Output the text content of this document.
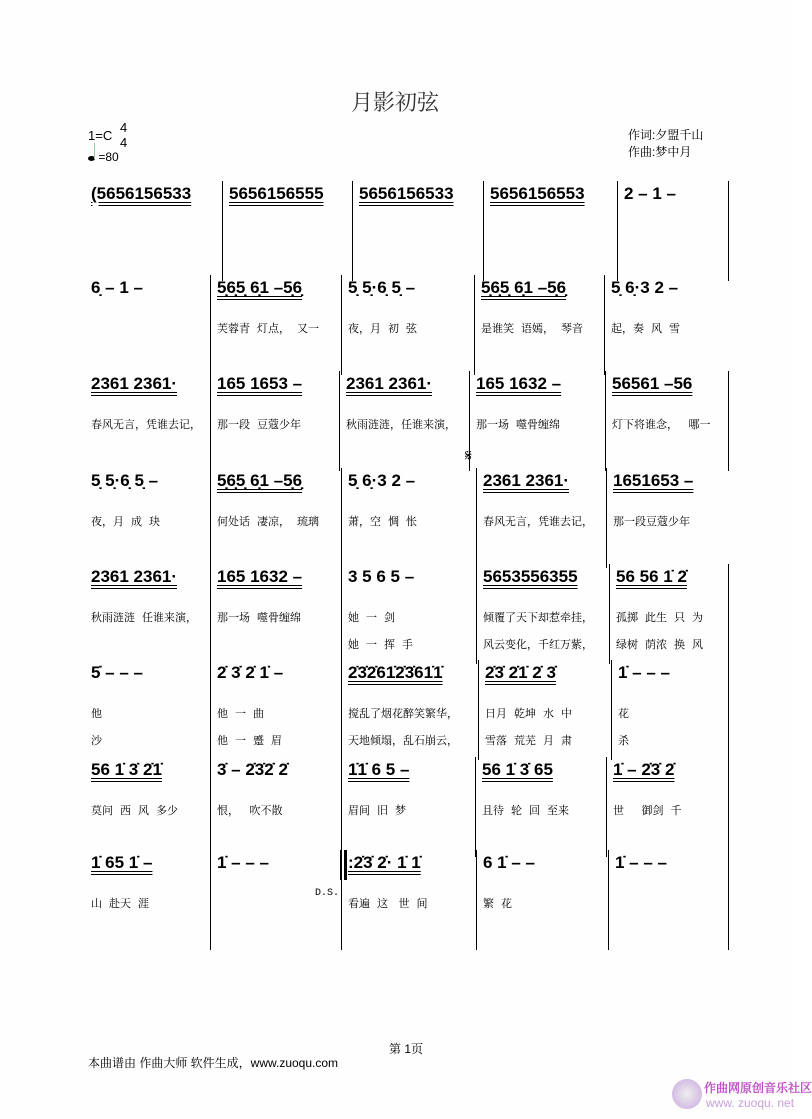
月影初弦
1=C
4
4
=80
作词:夕盟千山
作曲:梦中月
(5656156533 5656156555 5656156533 5656156553 2 – 1 –
6̣ – 1 –	5̣6̣5̣ 6̣1 –5̣6̣
芙蓉青  灯点，  又一
5̣ 5̣·6̣ 5̣ –
夜，月  初  弦
5̣6̣5̣ 6̣1 –5̣6̣
是谁笑  语嫣，  琴音
5̣ 6̣·3 2 –
起，奏  风  雪
2361 2361·
春风无言，凭谁去记，
165 1653 –
那一段  豆蔻少年
2361 2361·
秋雨涟涟，任谁来演，
165 1632 –
那一场  噬骨缠绵
56561 –56
灯下将谁念，   哪一
5̣ 5̣·6̣ 5̣ –
夜，月  成  玦
5̣6̣5̣ 6̣1 –5̣6̣
何处话  凄凉，  琉璃
5̣ 6̣·3 2 –
萧，空  惆  怅
2361 2361·
春风无言，凭谁去记，
𝄋
1651653 –
那一段豆蔻少年
2361 2361·
秋雨涟涟  任谁来演，
165 1632 –
那一场  噬骨缠绵
3 5 6 5 –
她  一  剑
她  一  挥  手
5653556355
倾覆了天下却惹牵挂，
风云变化，千红万紫，
56 56 1̇ 2̇
孤掷  此生  只  为
绿树  荫浓  换  风
5̇ – – –
他
沙
2̇ 3̇ 2̇ 1̇ –
他  一  曲
他  一  蹙  眉
2̇3̇2̇61̇2̇3̇61̇1̇
搅乱了烟花醉笑繁华，
天地倾塌，乱石崩云，
2̇3̇ 2̇1̇ 2̇ 3̇
日月  乾坤  水  中
雪落  荒芜  月  肃
1̇ – – –
花
杀
56 1̇ 3̇ 2̇1̇
莫问  西  风  多少
3̇ – 2̇3̇2̇ 2̇
恨，   吹不散
1̇1̇ 6 5 –
眉间  旧  梦
56 1̇ 3̇ 65
且待  轮  回  至来
1̇ – 2̇3̇ 2̇
世     御剑  千
1̇ 65 1̇ –
山  赴天  涯
1̇ – – –
D.S.
:2̇3̇ 2̇· 1̇ 1̇
看遍  这   世  间
6 1̇ – –
繁  花
1̇ – – –
第 1页
本曲谱由 作曲大师 软件生成，www.zuoqu.com
作曲网原创音乐社区
www. zuoqu. net
